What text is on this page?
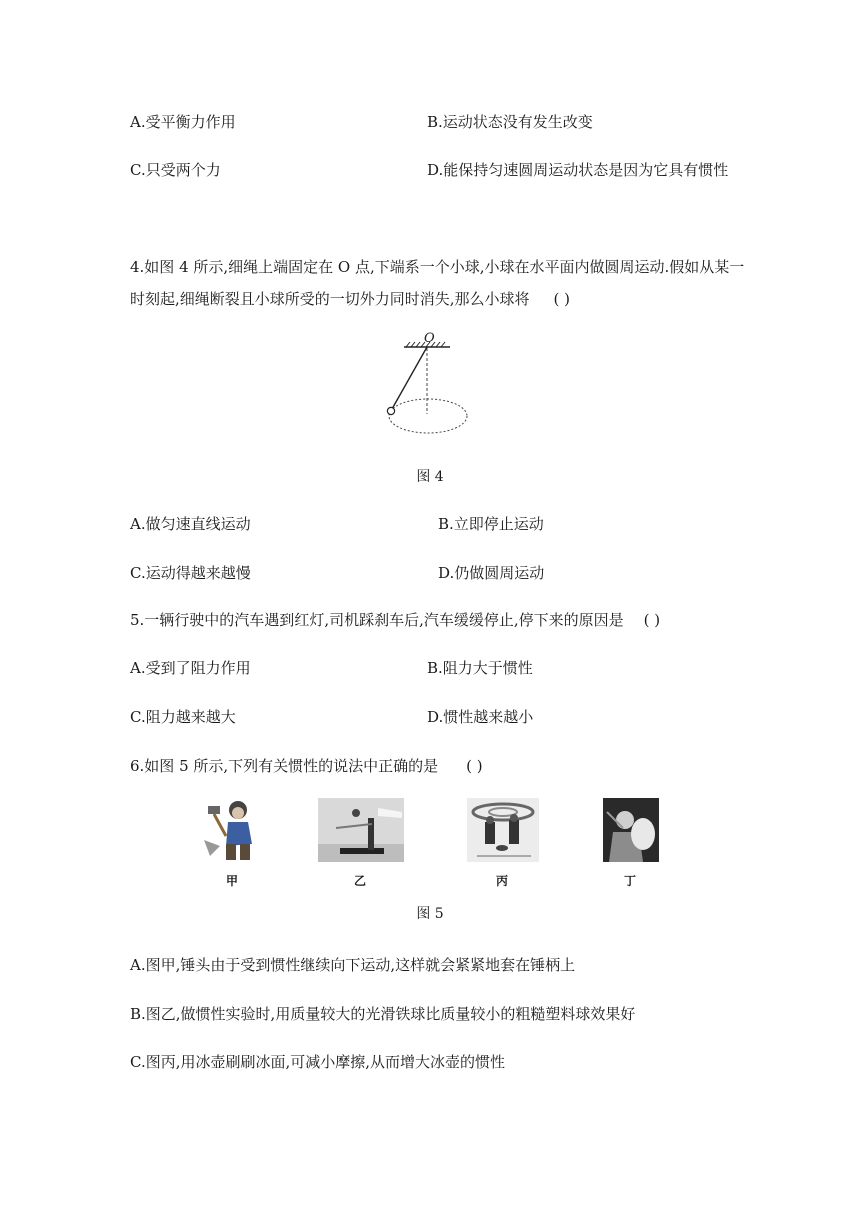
A.受平衡力作用	B.运动状态没有发生改变
C.只受两个力	D.能保持匀速圆周运动状态是因为它具有惯性
4.如图 4 所示,细绳上端固定在 O 点,下端系一个小球,小球在水平面内做圆周运动.假如从某一
时刻起,细绳断裂且小球所受的一切外力同时消失,那么小球将 ( )
O
图 4
A.做匀速直线运动	B.立即停止运动
C.运动得越来越慢	D.仍做圆周运动
5.一辆行驶中的汽车遇到红灯,司机踩刹车后,汽车缓缓停止,停下来的原因是 ( )
A.受到了阻力作用	B.阻力大于惯性
C.阻力越来越大	D.惯性越来越小
6.如图 5 所示,下列有关惯性的说法中正确的是 ( )
甲	乙	丙	丁
图 5
A.图甲,锤头由于受到惯性继续向下运动,这样就会紧紧地套在锤柄上
B.图乙,做惯性实验时,用质量较大的光滑铁球比质量较小的粗糙塑料球效果好
C.图丙,用冰壶刷刷冰面,可减小摩擦,从而增大冰壶的惯性
